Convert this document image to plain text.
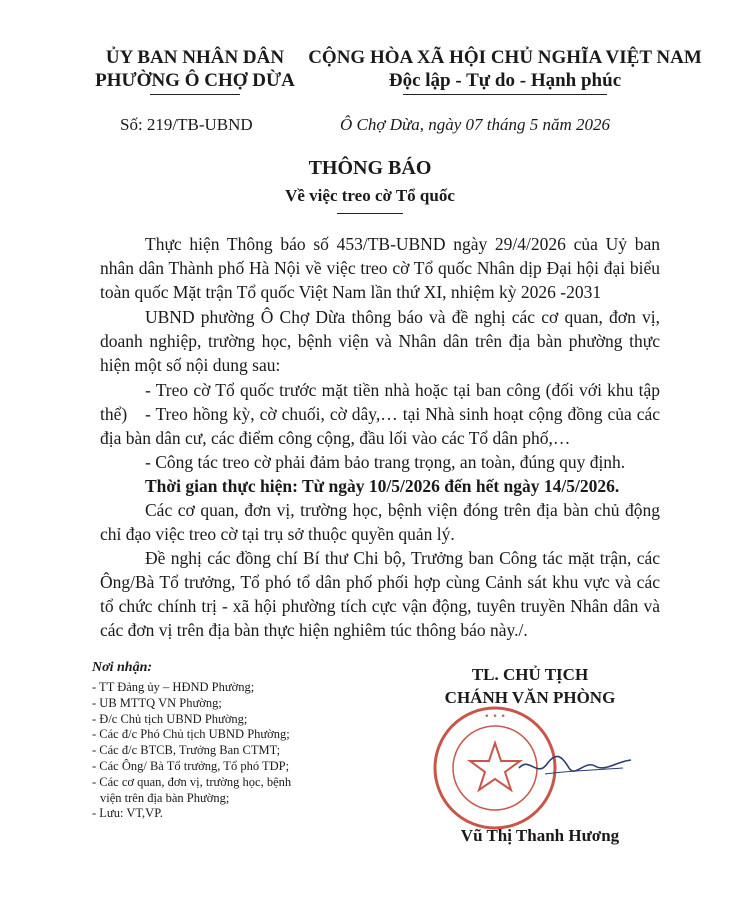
ỦY BAN NHÂN DÂN
PHƯỜNG Ô CHỢ DỪA
CỘNG HÒA XÃ HỘI CHỦ NGHĨA VIỆT NAM
Độc lập - Tự do - Hạnh phúc
Số: 219/TB-UBND	Ô Chợ Dừa, ngày 07 tháng 5 năm 2026
THÔNG BÁO
Về việc treo cờ Tổ quốc
Thực hiện Thông báo số 453/TB-UBND ngày 29/4/2026 của Uỷ ban nhân dân Thành phố Hà Nội về việc treo cờ Tổ quốc Nhân dịp Đại hội đại biểu toàn quốc Mặt trận Tổ quốc Việt Nam lần thứ XI, nhiệm kỳ 2026 -2031
UBND phường Ô Chợ Dừa thông báo và đề nghị các cơ quan, đơn vị, doanh nghiệp, trường học, bệnh viện và Nhân dân trên địa bàn phường thực hiện một số nội dung sau:
- Treo cờ Tổ quốc trước mặt tiền nhà hoặc tại ban công (đối với khu tập thể)	- Treo hồng kỳ, cờ chuối, cờ dây,… tại Nhà sinh hoạt cộng đồng của các địa bàn dân cư, các điểm công cộng, đầu lối vào các Tổ dân phố,…
- Công tác treo cờ phải đảm bảo trang trọng, an toàn, đúng quy định.
Thời gian thực hiện: Từ ngày 10/5/2026 đến hết ngày 14/5/2026.
Các cơ quan, đơn vị, trường học, bệnh viện đóng trên địa bàn chủ động chỉ đạo việc treo cờ tại trụ sở thuộc quyền quản lý.
Đề nghị các đồng chí Bí thư Chi bộ, Trưởng ban Công tác mặt trận, các Ông/Bà Tổ trưởng, Tổ phó tổ dân phố phối hợp cùng Cảnh sát khu vực và các tổ chức chính trị - xã hội phường tích cực vận động, tuyên truyền Nhân dân và các đơn vị trên địa bàn thực hiện nghiêm túc thông báo này./.
Nơi nhận:
- TT Đảng ủy – HĐND Phường;
- UB MTTQ VN Phường;
- Đ/c Chủ tịch UBND Phường;
- Các đ/c Phó Chủ tịch UBND Phường;
- Các đ/c BTCB, Trưởng Ban CTMT;
- Các Ông/ Bà Tổ trưởng, Tổ phó TDP;
- Các cơ quan, đơn vị, trường học, bệnh
viện trên địa bàn Phường;
- Lưu: VT,VP.
TL. CHỦ TỊCH
CHÁNH VĂN PHÒNG
• • •
Vũ Thị Thanh Hương
